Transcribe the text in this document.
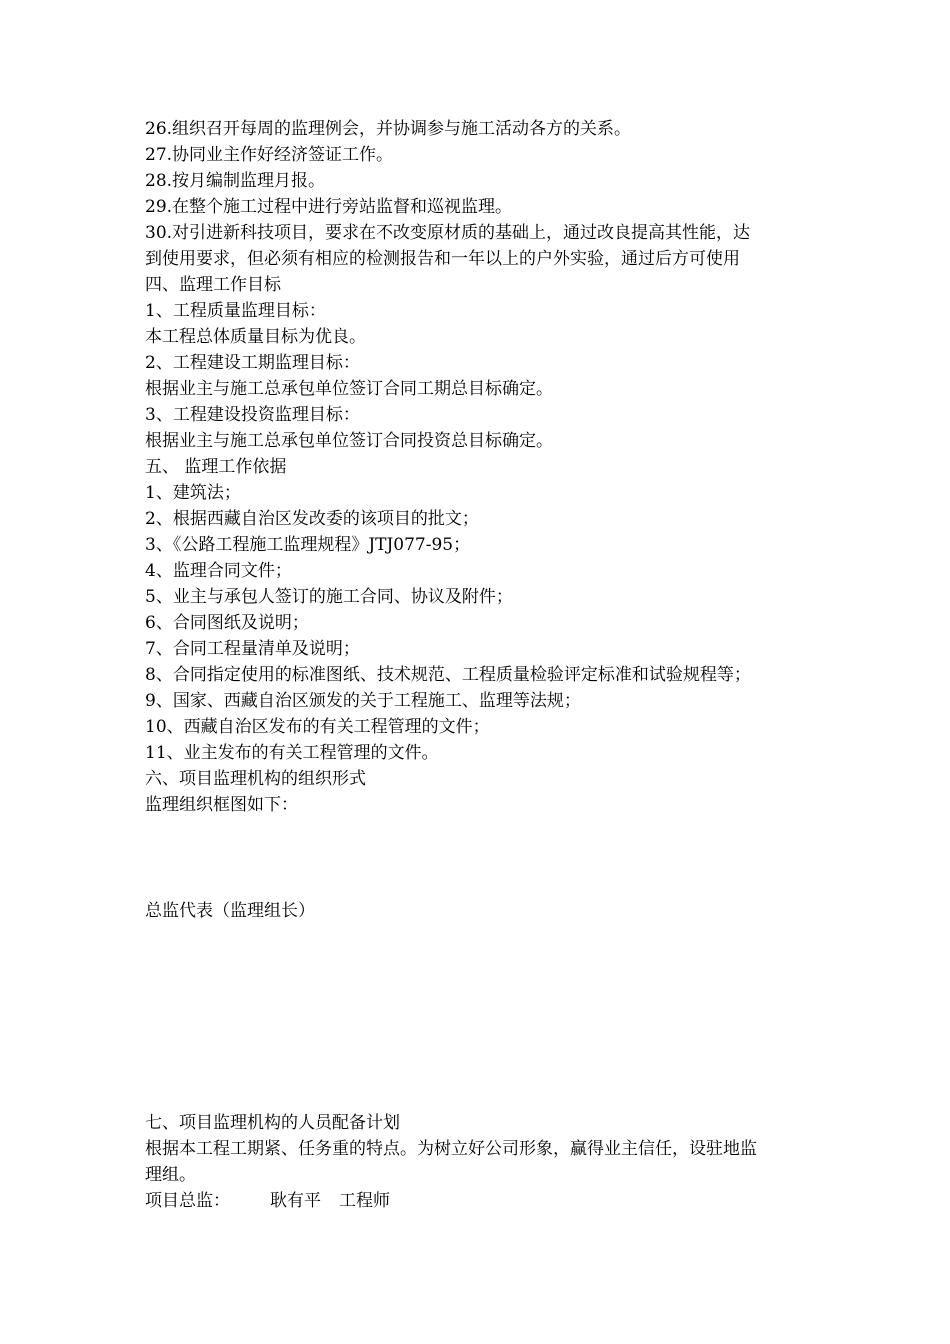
26.组织召开每周的监理例会，并协调参与施工活动各方的关系。
27.协同业主作好经济签证工作。
28.按月编制监理月报。
29.在整个施工过程中进行旁站监督和巡视监理。
30.对引进新科技项目，要求在不改变原材质的基础上，通过改良提高其性能，达
到使用要求，但必须有相应的检测报告和一年以上的户外实验，通过后方可使用
四、监理工作目标
1、工程质量监理目标：
本工程总体质量目标为优良。
2、工程建设工期监理目标：
根据业主与施工总承包单位签订合同工期总目标确定。
3、工程建设投资监理目标：
根据业主与施工总承包单位签订合同投资总目标确定。
五、 监理工作依据
1、建筑法；
2、根据西藏自治区发改委的该项目的批文；
3、《公路工程施工监理规程》JTJ077-95；
4、监理合同文件；
5、业主与承包人签订的施工合同、协议及附件；
6、合同图纸及说明；
7、合同工程量清单及说明；
8、合同指定使用的标准图纸、技术规范、工程质量检验评定标准和试验规程等；
9、国家、西藏自治区颁发的关于工程施工、监理等法规；
10、西藏自治区发布的有关工程管理的文件；
11、业主发布的有关工程管理的文件。
六、项目监理机构的组织形式
监理组织框图如下：
总监代表（监理组长）
七、项目监理机构的人员配备计划
根据本工程工期紧、任务重的特点。为树立好公司形象，赢得业主信任，设驻地监
理组。
项目总监： 耿有平 工程师
